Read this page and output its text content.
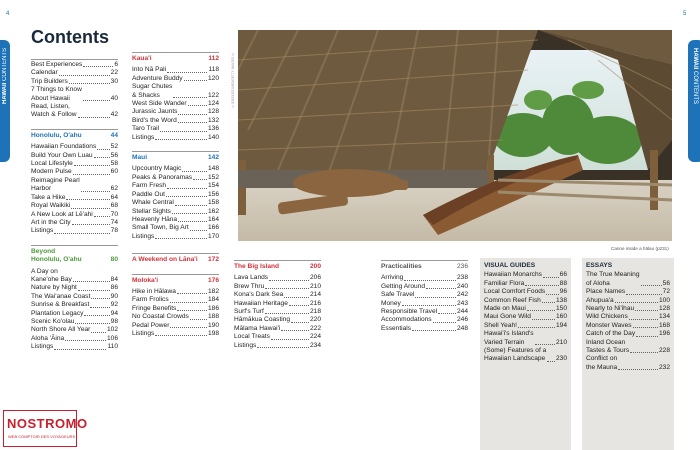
4	5
HAWAII CONTENTS	HAWAII CONTENTS
Contents
Best Experiences	6
Calendar	22
Trip Builders	30
7 Things to Know
About Hawaii	40
Read, Listen,
Watch & Follow	42
Honolulu, O'ahu	44
Hawaiian Foundations 52
Build Your Own Luau	56
Local Lifestyle	58
Modern Pulse	60
Reimagine Pearl
Harbor	62
Take a Hike	64
Royal Waikiki	68
A New Look at Lē'ahi	70
Art in the City	74
Listings	78
Beyond
Honolulu, O'ahu	80
A Day on
Kane'ohe Bay	84
Nature by Night	86
The Wai'anae Coast	90
Sunrise & Breakfast	92
Plantation Legacy	94
Scenic Ko'olau	98
North Shore All Year	102
Aloha 'Āina	106
Listings	110
Kaua'i	112
Into Nā Pali	118
Adventure Buddy	120
Sugar Chutes
& Shacks	122
West Side Wander	124
Jurassic Jaunts	128
Bird's the Word	132
Taro Trail	136
Listings	140
Maui	142
Upcountry Magic	148
Peaks & Panoramas 152
Farm Fresh	154
Paddle Out	156
Whale Central	158
Stellar Sights	162
Heavenly Hāna	164
Small Town, Big Art	166
Listings	170
A Weekend on Lāna'i 172
Moloka'i	176
Hike in Hālawa	182
Farm Frolics	184
Fringe Benefits	186
No Coastal Crowds	188
Pedal Power	190
Listings	198
The Big Island	200
Lava Lands	206
Brew Thru	210
Kona's Dark Sea	214
Hawaiian Heritage	216
Surf's Turf	218
Hāmākua Coasting	220
Mālama Hawai'i	222
Local Treats	224
Listings	234
Practicalities	236
Arriving	238
Getting Around	240
Safe Travel	242
Money	243
Responsible Travel	244
Accommodations	246
Essentials	248
VISUAL GUIDES
Hawaiian Monarchs	66
Familiar Flora	88
Local Comfort Foods 96
Common Reef Fish 138
Made on Maui	150
Maui Gone Wild	160
Shell Yeah!	194
Hawai'i's Island's
Varied Terrain	210
(Some) Features of a
Hawaiian Landscape 230
ESSAYS
The True Meaning
of Aloha	56
Place Names	72
Ahupua'a	100
Nearly to Ni'ihau	128
Wild Chickens	134
Monster Waves	168
Catch of the Day	196
Inland Ocean
Tastes & Tours	228
Conflict on
the Mauna	232
©JOEGODDARD/GETTY IMAGES ©
Canoe inside a hālau (p231)
NOSTROMO
WEB COMPTOIR DES VOYAGEURS
